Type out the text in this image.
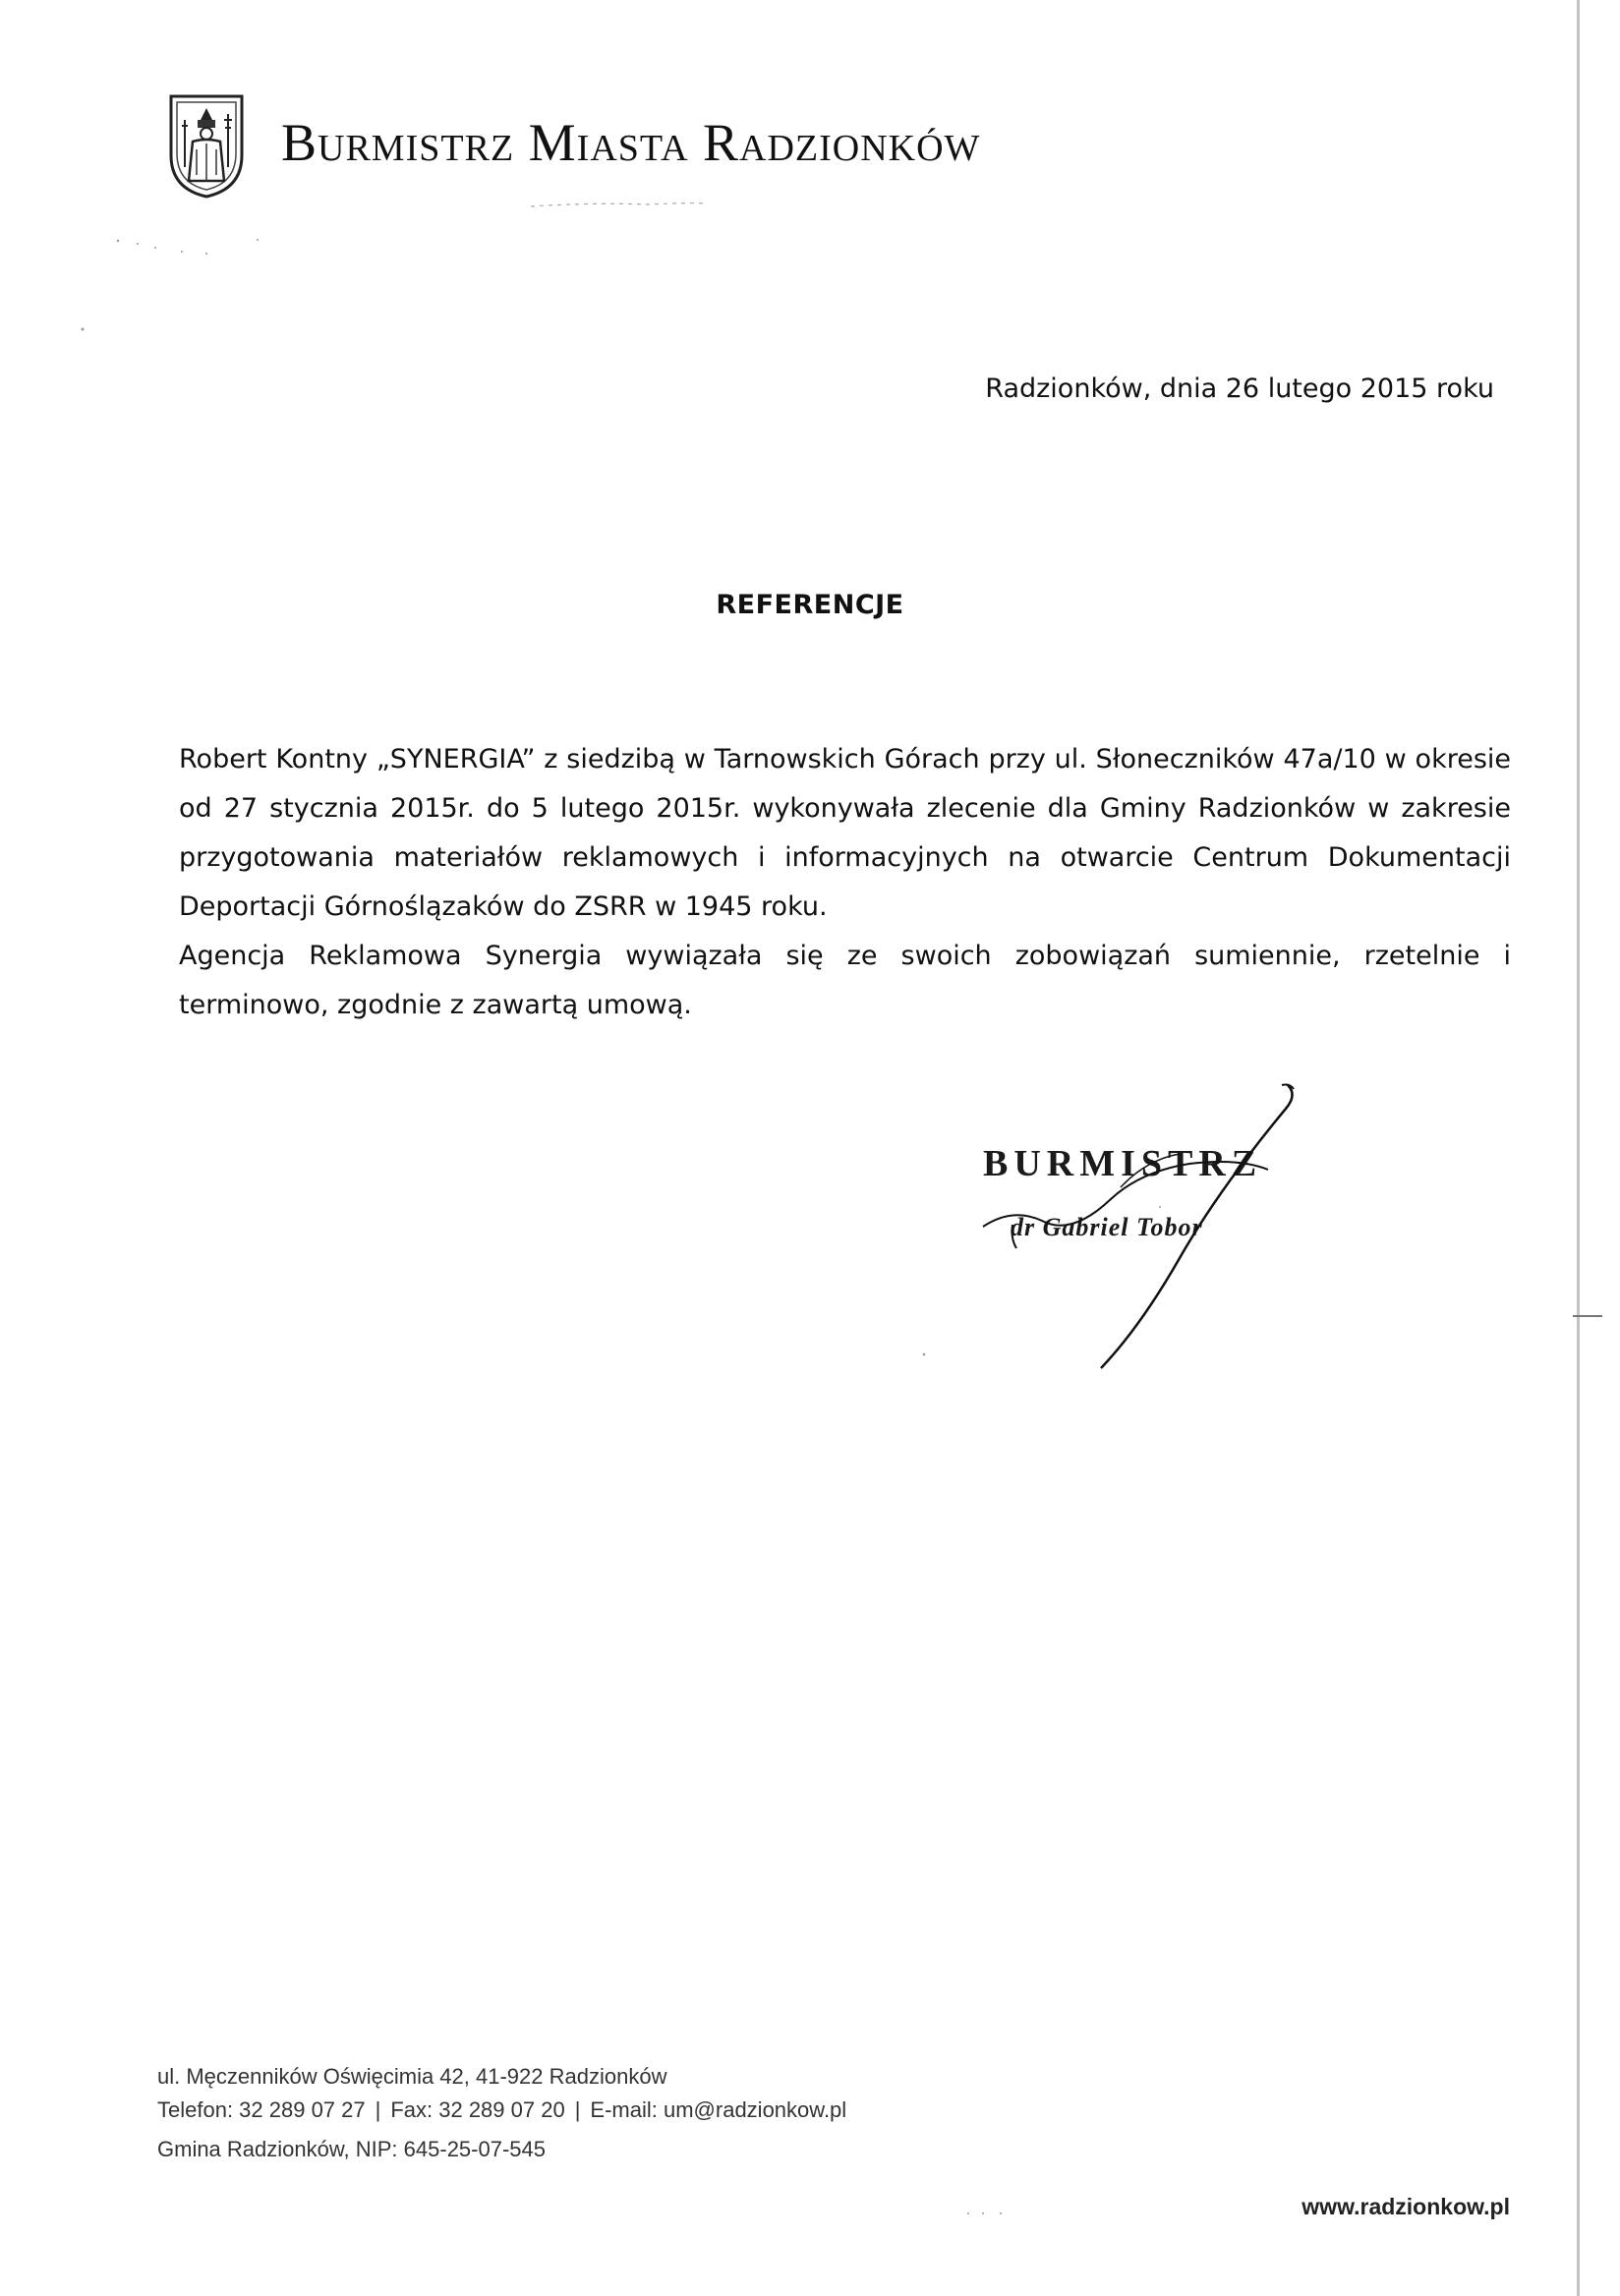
Burmistrz Miasta Radzionków
Radzionków, dnia 26 lutego 2015 roku
REFERENCJE

Robert Kontny „SYNERGIA” z siedzibą w Tarnowskich Górach przy ul. Słoneczników 47a/10 w okresie od 27 stycznia 2015r. do 5 lutego 2015r. wykonywała zlecenie dla Gminy Radzionków w zakresie przygotowania materiałów reklamowych i informacyjnych na otwarcie Centrum Dokumentacji Deportacji Górnoślązaków do ZSRR w 1945 roku.

Agencja Reklamowa Synergia wywiązała się ze swoich zobowiązań sumiennie, rzetelnie i terminowo, zgodnie z zawartą umową.

BURMISTRZ
dr Gabriel Tobor
ul. Męczenników Oświęcimia 42, 41-922 Radzionków
Telefon: 32 289 07 27 | Fax: 32 289 07 20 | E-mail: um@radzionkow.pl
Gmina Radzionków, NIP: 645-25-07-545
www.radzionkow.pl
